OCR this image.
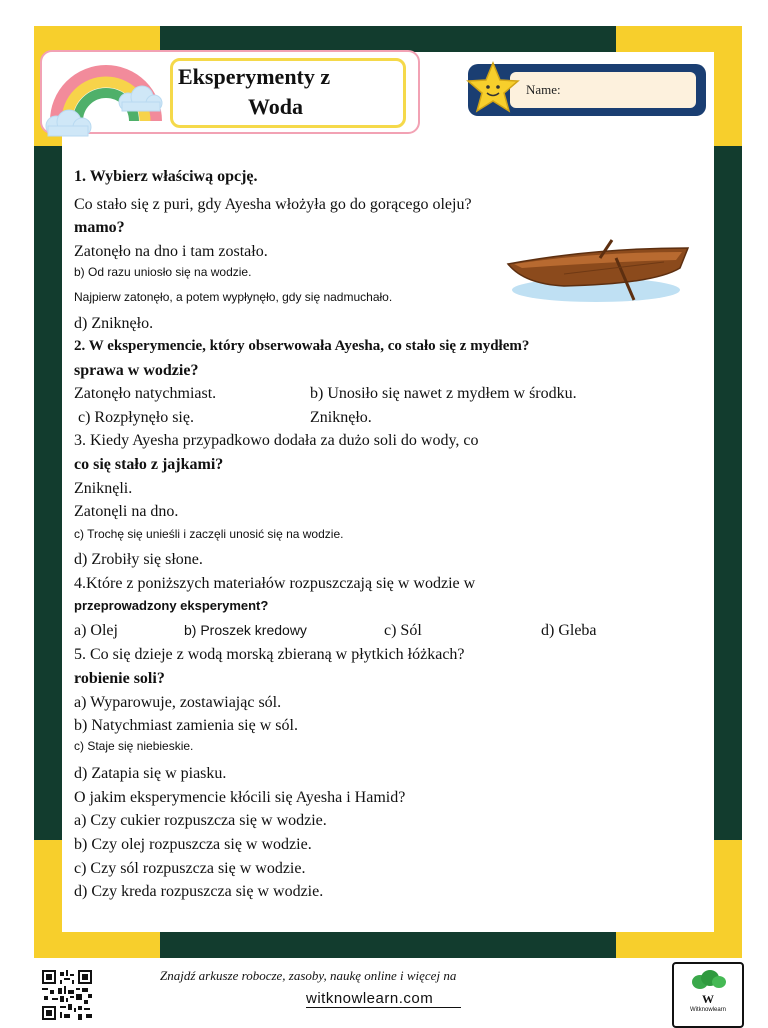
Eksperymenty z
Woda
Name:
1. Wybierz właściwą opcję.
Co stało się z puri, gdy Ayesha włożyła go do gorącego oleju?
mamo?
Zatonęło na dno i tam zostało.
b) Od razu uniosło się na wodzie.
Najpierw zatonęło, a potem wypłynęło, gdy się nadmuchało.
d) Zniknęło.
2. W eksperymencie, który obserwowała Ayesha, co stało się z mydłem?
sprawa w wodzie?
Zatonęło natychmiast.	b) Unosiło się nawet z mydłem w środku.
c) Rozpłynęło się.	Zniknęło.
3. Kiedy Ayesha przypadkowo dodała za dużo soli do wody, co
co się stało z jajkami?
Zniknęli.
Zatonęli na dno.
c) Trochę się unieśli i zaczęli unosić się na wodzie.
d) Zrobiły się słone.
4.Które z poniższych materiałów rozpuszczają się w wodzie w
przeprowadzony eksperyment?
a) Olej	b) Proszek kredowy	c) Sól	d) Gleba
5. Co się dzieje z wodą morską zbieraną w płytkich łóżkach?
robienie soli?
a) Wyparowuje, zostawiając sól.
b) Natychmiast zamienia się w sól.
c) Staje się niebieskie.
d) Zatapia się w piasku.
O jakim eksperymencie kłócili się Ayesha i Hamid?
a) Czy cukier rozpuszcza się w wodzie.
b) Czy olej rozpuszcza się w wodzie.
c) Czy sól rozpuszcza się w wodzie.
d) Czy kreda rozpuszcza się w wodzie.
Znajdź arkusze robocze, zasoby, naukę online i więcej na
witknowlearn.com	W
Witknowlearn
